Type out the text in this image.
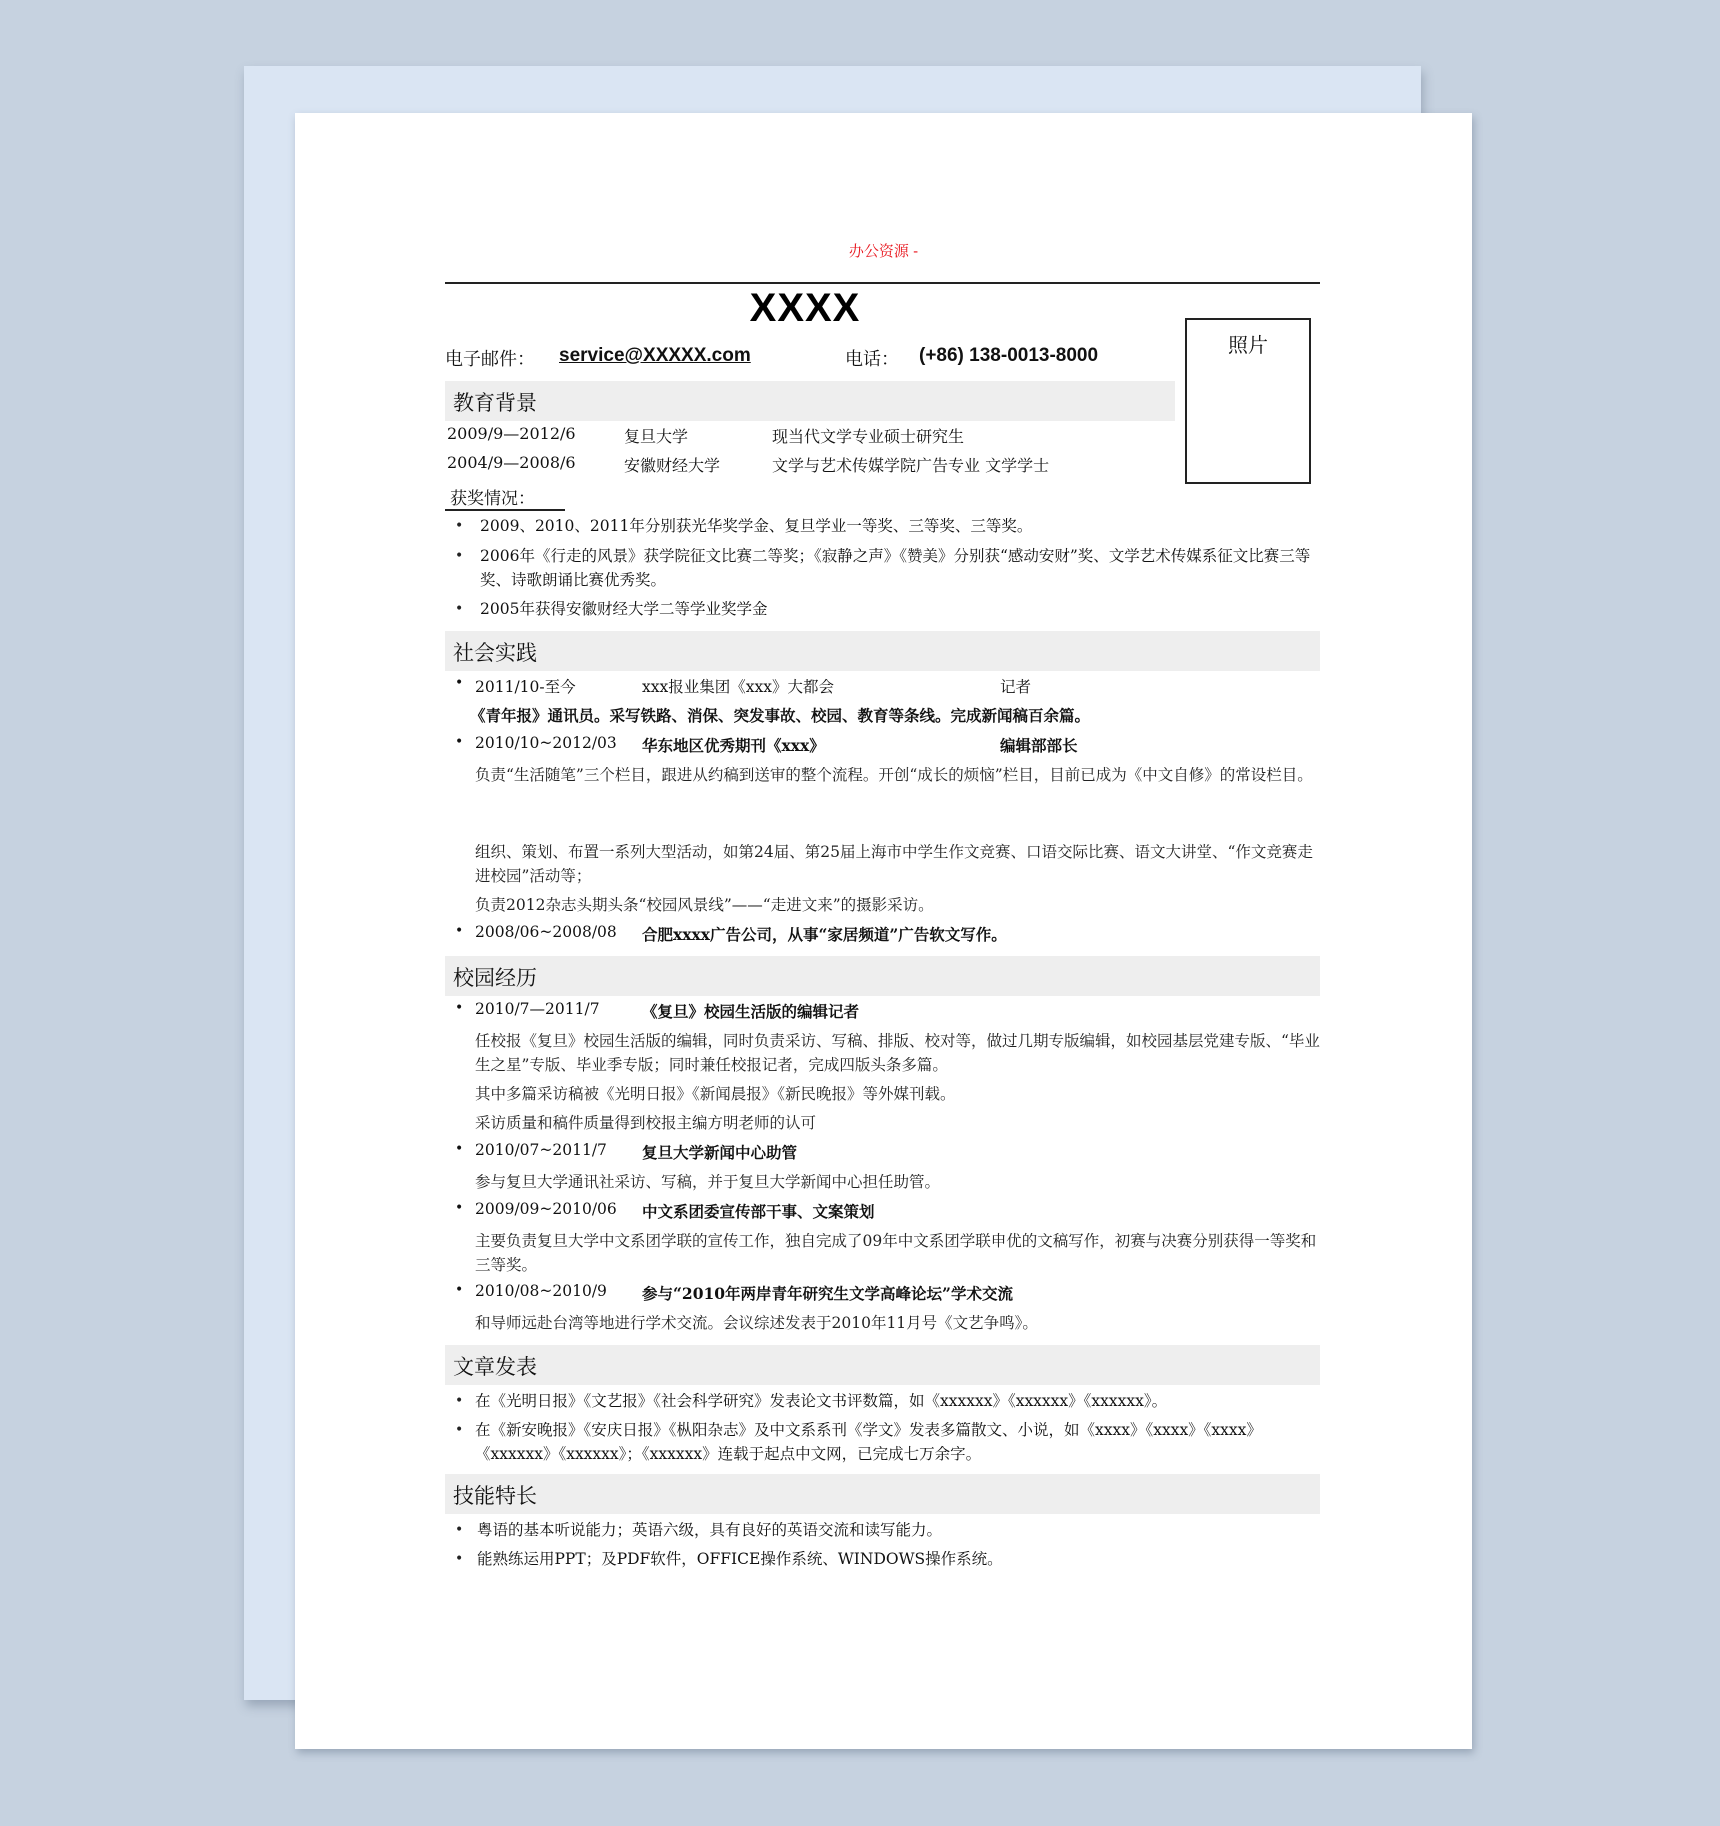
办公资源 -
XXXX
电子邮件： service@XXXXX.com	电话： (+86) 138-0013-8000	照片
教育背景
2009/9—2012/6	复旦大学	现当代文学专业硕士研究生
2004/9—2008/6	安徽财经大学	文学与艺术传媒学院广告专业 文学学士
获奖情况：
• 2009、2010、2011年分别获光华奖学金、复旦学业一等奖、三等奖、三等奖。
• 2006年《行走的风景》获学院征文比赛二等奖；《寂静之声》《赞美》分别获“感动安财”奖、文学艺术传媒系征文比赛三等奖、诗歌朗诵比赛优秀奖。
• 2005年获得安徽财经大学二等学业奖学金
社会实践
• 2011/10-至今	xxx报业集团《xxx》大都会	记者
《青年报》通讯员。采写铁路、消保、突发事故、校园、教育等条线。完成新闻稿百余篇。
• 2010/10~2012/03 华东地区优秀期刊《xxx》	编辑部部长
负责“生活随笔”三个栏目，跟进从约稿到送审的整个流程。开创“成长的烦恼”栏目，目前已成为《中文自修》的常设栏目。
组织、策划、布置一系列大型活动，如第24届、第25届上海市中学生作文竞赛、口语交际比赛、语文大讲堂、“作文竞赛走进校园”活动等；
负责2012杂志头期头条“校园风景线”——“走进文来”的摄影采访。
• 2008/06~2008/08 合肥xxxx广告公司，从事“家居频道”广告软文写作。
校园经历
• 2010/7—2011/7	《复旦》校园生活版的编辑记者
任校报《复旦》校园生活版的编辑，同时负责采访、写稿、排版、校对等，做过几期专版编辑，如校园基层党建专版、“毕业生之星”专版、毕业季专版；同时兼任校报记者，完成四版头条多篇。
其中多篇采访稿被《光明日报》《新闻晨报》《新民晚报》等外媒刊载。
采访质量和稿件质量得到校报主编方明老师的认可
• 2010/07~2011/7 复旦大学新闻中心助管
参与复旦大学通讯社采访、写稿，并于复旦大学新闻中心担任助管。
• 2009/09~2010/06 中文系团委宣传部干事、文案策划
主要负责复旦大学中文系团学联的宣传工作，独自完成了09年中文系团学联申优的文稿写作，初赛与决赛分别获得一等奖和三等奖。
• 2010/08~2010/9 参与“2010年两岸青年研究生文学高峰论坛”学术交流
和导师远赴台湾等地进行学术交流。会议综述发表于2010年11月号《文艺争鸣》。
文章发表
• 在《光明日报》《文艺报》《社会科学研究》发表论文书评数篇，如《xxxxxx》《xxxxxx》《xxxxxx》。
• 在《新安晚报》《安庆日报》《枞阳杂志》及中文系系刊《学文》发表多篇散文、小说，如《xxxx》《xxxx》《xxxx》《xxxxxx》《xxxxxx》；《xxxxxx》连载于起点中文网，已完成七万余字。
技能特长
• 粤语的基本听说能力；英语六级，具有良好的英语交流和读写能力。
• 能熟练运用PPT；及PDF软件，OFFICE操作系统、WINDOWS操作系统。
